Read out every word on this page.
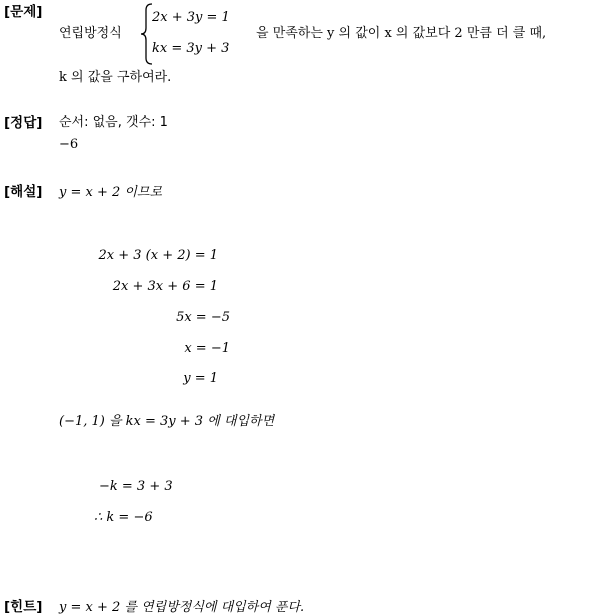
[문제]
연립방정식
2x + 3y = 1
kx = 3y + 3
을 만족하는 y 의 값이 x 의 값보다 2 만큼 더 클 때,
k 의 값을 구하여라.
[정답] 순서: 없음, 갯수: 1
−6
[해설] y = x + 2 이므로
2x + 3 (x + 2) = 1
2x + 3x + 6 = 1
5x = −5
x = −1
y = 1
(−1, 1) 을 kx = 3y + 3 에 대입하면
−k = 3 + 3
∴ k = −6
[힌트] y = x + 2 를 연립방정식에 대입하여 푼다.
